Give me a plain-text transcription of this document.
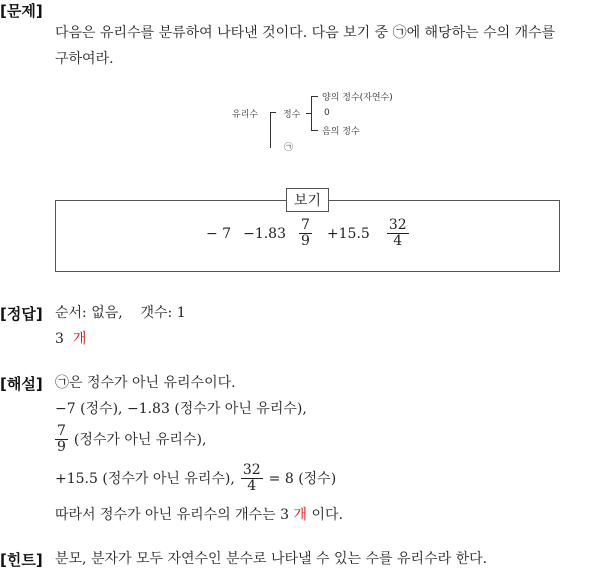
[문제]
다음은 유리수를 분류하여 나타낸 것이다. 다음 보기 중 ㉠에 해당하는 수의 개수를
구하여라.
유리수	정수
양의 정수(자연수)
0
음의 정수
㉠
보기
− $7 -1.83 \frac{7}{9} +15.5 \frac{32}{4}$
[정답] 순서: 없음,    갯수: 1
3 개
[해설] ㉠은 정수가 아닌 유리수이다.
−7 (정수), −1.83 (정수가 아닌 유리수),
$\frac{7}{9}$ (정수가 아닌 유리수),
+15.5 (정수가 아닌 유리수), $\frac{32}{4} = 8$ (정수)
따라서 정수가 아닌 유리수의 개수는 3 개 이다.
[힌트] 분모, 분자가 모두 자연수인 분수로 나타낼 수 있는 수를 유리수라 한다.
